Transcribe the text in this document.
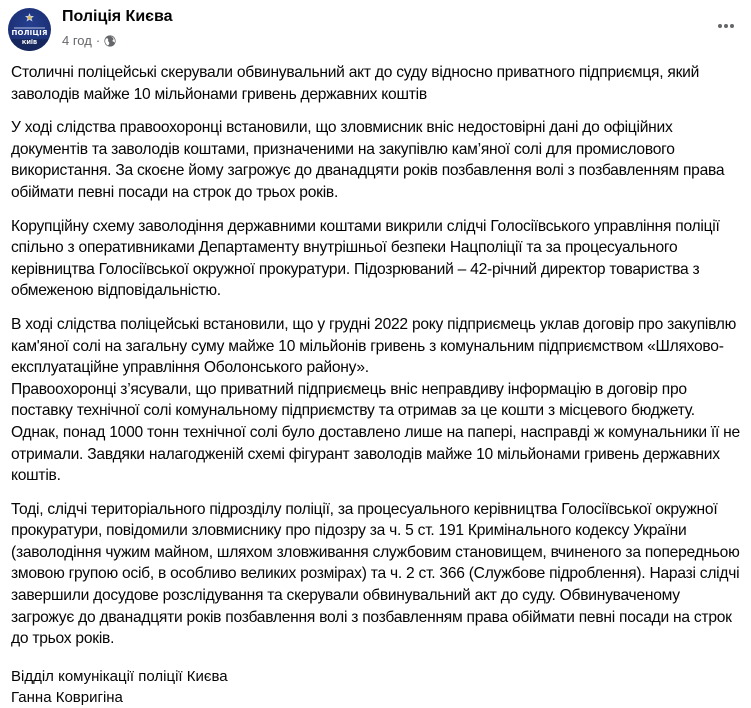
ПОЛІЦІЯ
КИЇВ
Поліція Києва
4 год ·

Столичні поліцейські скерували обвинувальний акт до суду відносно приватного підприємця, який заволодів майже 10 мільйонами гривень державних коштів

У ході слідства правоохоронці встановили, що зловмисник вніс недостовірні дані до офіційних документів та заволодів коштами, призначеними на закупівлю кам’яної солі для промислового використання. За скоєне йому загрожує до дванадцяти років позбавлення волі з позбавленням права обіймати певні посади на строк до трьох років.

Корупційну схему заволодіння державними коштами викрили слідчі Голосіївського управління поліції спільно з оперативниками Департаменту внутрішньої безпеки Нацполіції та за процесуального керівництва Голосіївської окружної прокуратури. Підозрюваний – 42-річний директор товариства з обмеженою відповідальністю.

В ході слідства поліцейські встановили, що у грудні 2022 року підприємець уклав договір про закупівлю кам'яної солі на загальну суму майже 10 мільйонів гривень з комунальним підприємством «Шляхово-експлуатаційне управління Оболонського району».

Правоохоронці з’ясували, що приватний підприємець вніс неправдиву інформацію в договір про поставку технічної солі комунальному підприємству та отримав за це кошти з місцевого бюджету. Однак, понад 1000 тонн технічної солі було доставлено лише на папері, насправді ж комунальники її не отримали. Завдяки налагодженій схемі фігурант заволодів майже 10 мільйонами гривень державних коштів.

Тоді, слідчі територіального підрозділу поліції, за процесуального керівництва Голосіївської окружної прокуратури, повідомили зловмиснику про підозру за ч. 5 ст. 191 Кримінального кодексу України (заволодіння чужим майном, шляхом зловживання службовим становищем, вчиненого за попередньою змовою групою осіб, в особливо великих розмірах) та ч. 2 ст. 366 (Службове підроблення). Наразі слідчі завершили досудове розслідування та скерували обвинувальний акт до суду. Обвинуваченому загрожує до дванадцяти років позбавлення волі з позбавленням права обіймати певні посади на строк до трьох років.

Відділ комунікації поліції Києва
Ганна Ковригіна
